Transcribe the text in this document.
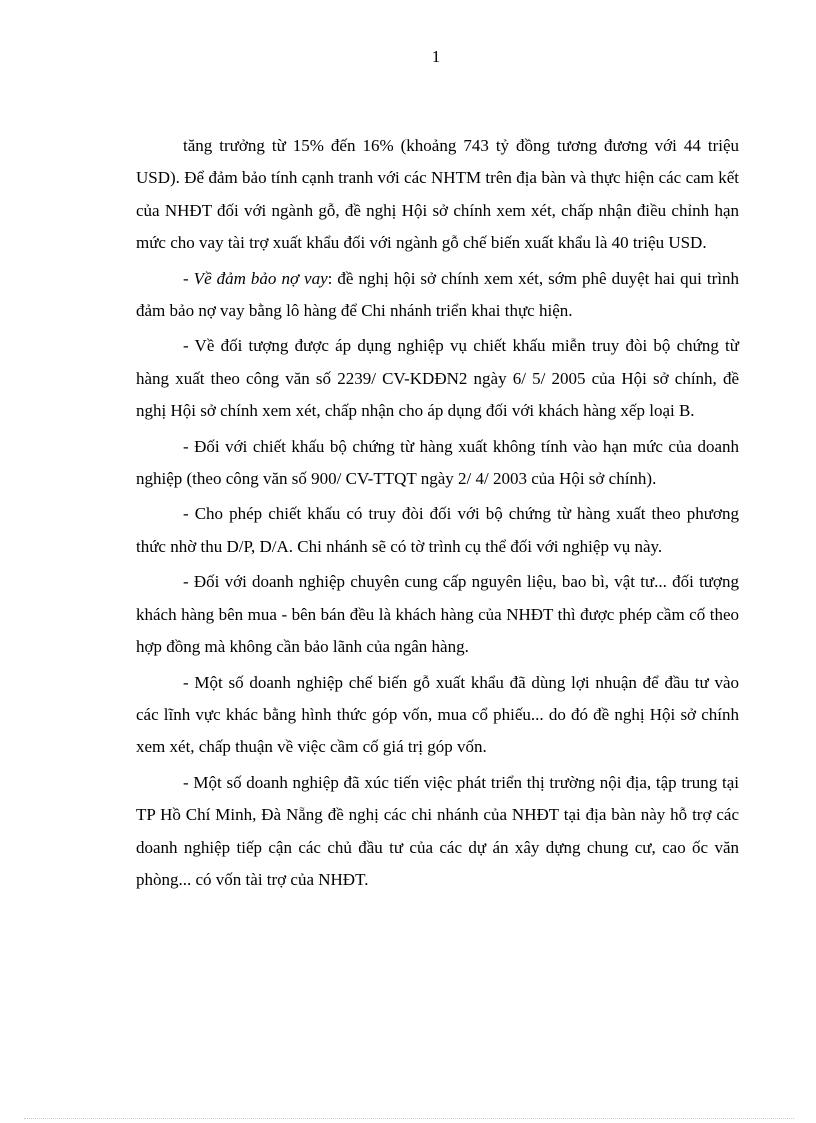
1

tăng trưởng từ 15% đến 16% (khoảng 743 tỷ đồng tương đương với 44 triệu USD). Để đảm bảo tính cạnh tranh với các NHTM trên địa bàn và thực hiện các cam kết của NHĐT đối với ngành gỗ, đề nghị Hội sở chính xem xét, chấp nhận điều chỉnh hạn mức cho vay tài trợ xuất khẩu đối với ngành gỗ chế biến xuất khẩu là 40 triệu USD.

- Về đảm bảo nợ vay: đề nghị hội sở chính xem xét, sớm phê duyệt hai qui trình đảm bảo nợ vay bằng lô hàng để Chi nhánh triển khai thực hiện.

- Về đối tượng được áp dụng nghiệp vụ chiết khấu miễn truy đòi bộ chứng từ hàng xuất theo công văn số 2239/ CV-KDĐN2 ngày 6/ 5/ 2005 của Hội sở chính, đề nghị Hội sở chính xem xét, chấp nhận cho áp dụng đối với khách hàng xếp loại B.

- Đối với chiết khấu bộ chứng từ hàng xuất không tính vào hạn mức của doanh nghiệp (theo công văn số 900/ CV-TTQT ngày 2/ 4/ 2003 của Hội sở chính).

- Cho phép chiết khấu có truy đòi đối với bộ chứng từ hàng xuất theo phương thức nhờ thu D/P, D/A. Chi nhánh sẽ có tờ trình cụ thể đối với nghiệp vụ này.

- Đối với doanh nghiệp chuyên cung cấp nguyên liệu, bao bì, vật tư... đối tượng khách hàng bên mua - bên bán đều là khách hàng của NHĐT thì được phép cầm cố theo hợp đồng mà không cần bảo lãnh của ngân hàng.

- Một số doanh nghiệp chế biến gỗ xuất khẩu đã dùng lợi nhuận để đầu tư vào các lĩnh vực khác bằng hình thức góp vốn, mua cổ phiếu... do đó đề nghị Hội sở chính xem xét, chấp thuận về việc cầm cố giá trị góp vốn.

- Một số doanh nghiệp đã xúc tiến việc phát triển thị trường nội địa, tập trung tại TP Hồ Chí Minh, Đà Nẵng đề nghị các chi nhánh của NHĐT tại địa bàn này hỗ trợ các doanh nghiệp tiếp cận các chủ đầu tư của các dự án xây dựng chung cư, cao ốc văn phòng... có vốn tài trợ của NHĐT.
